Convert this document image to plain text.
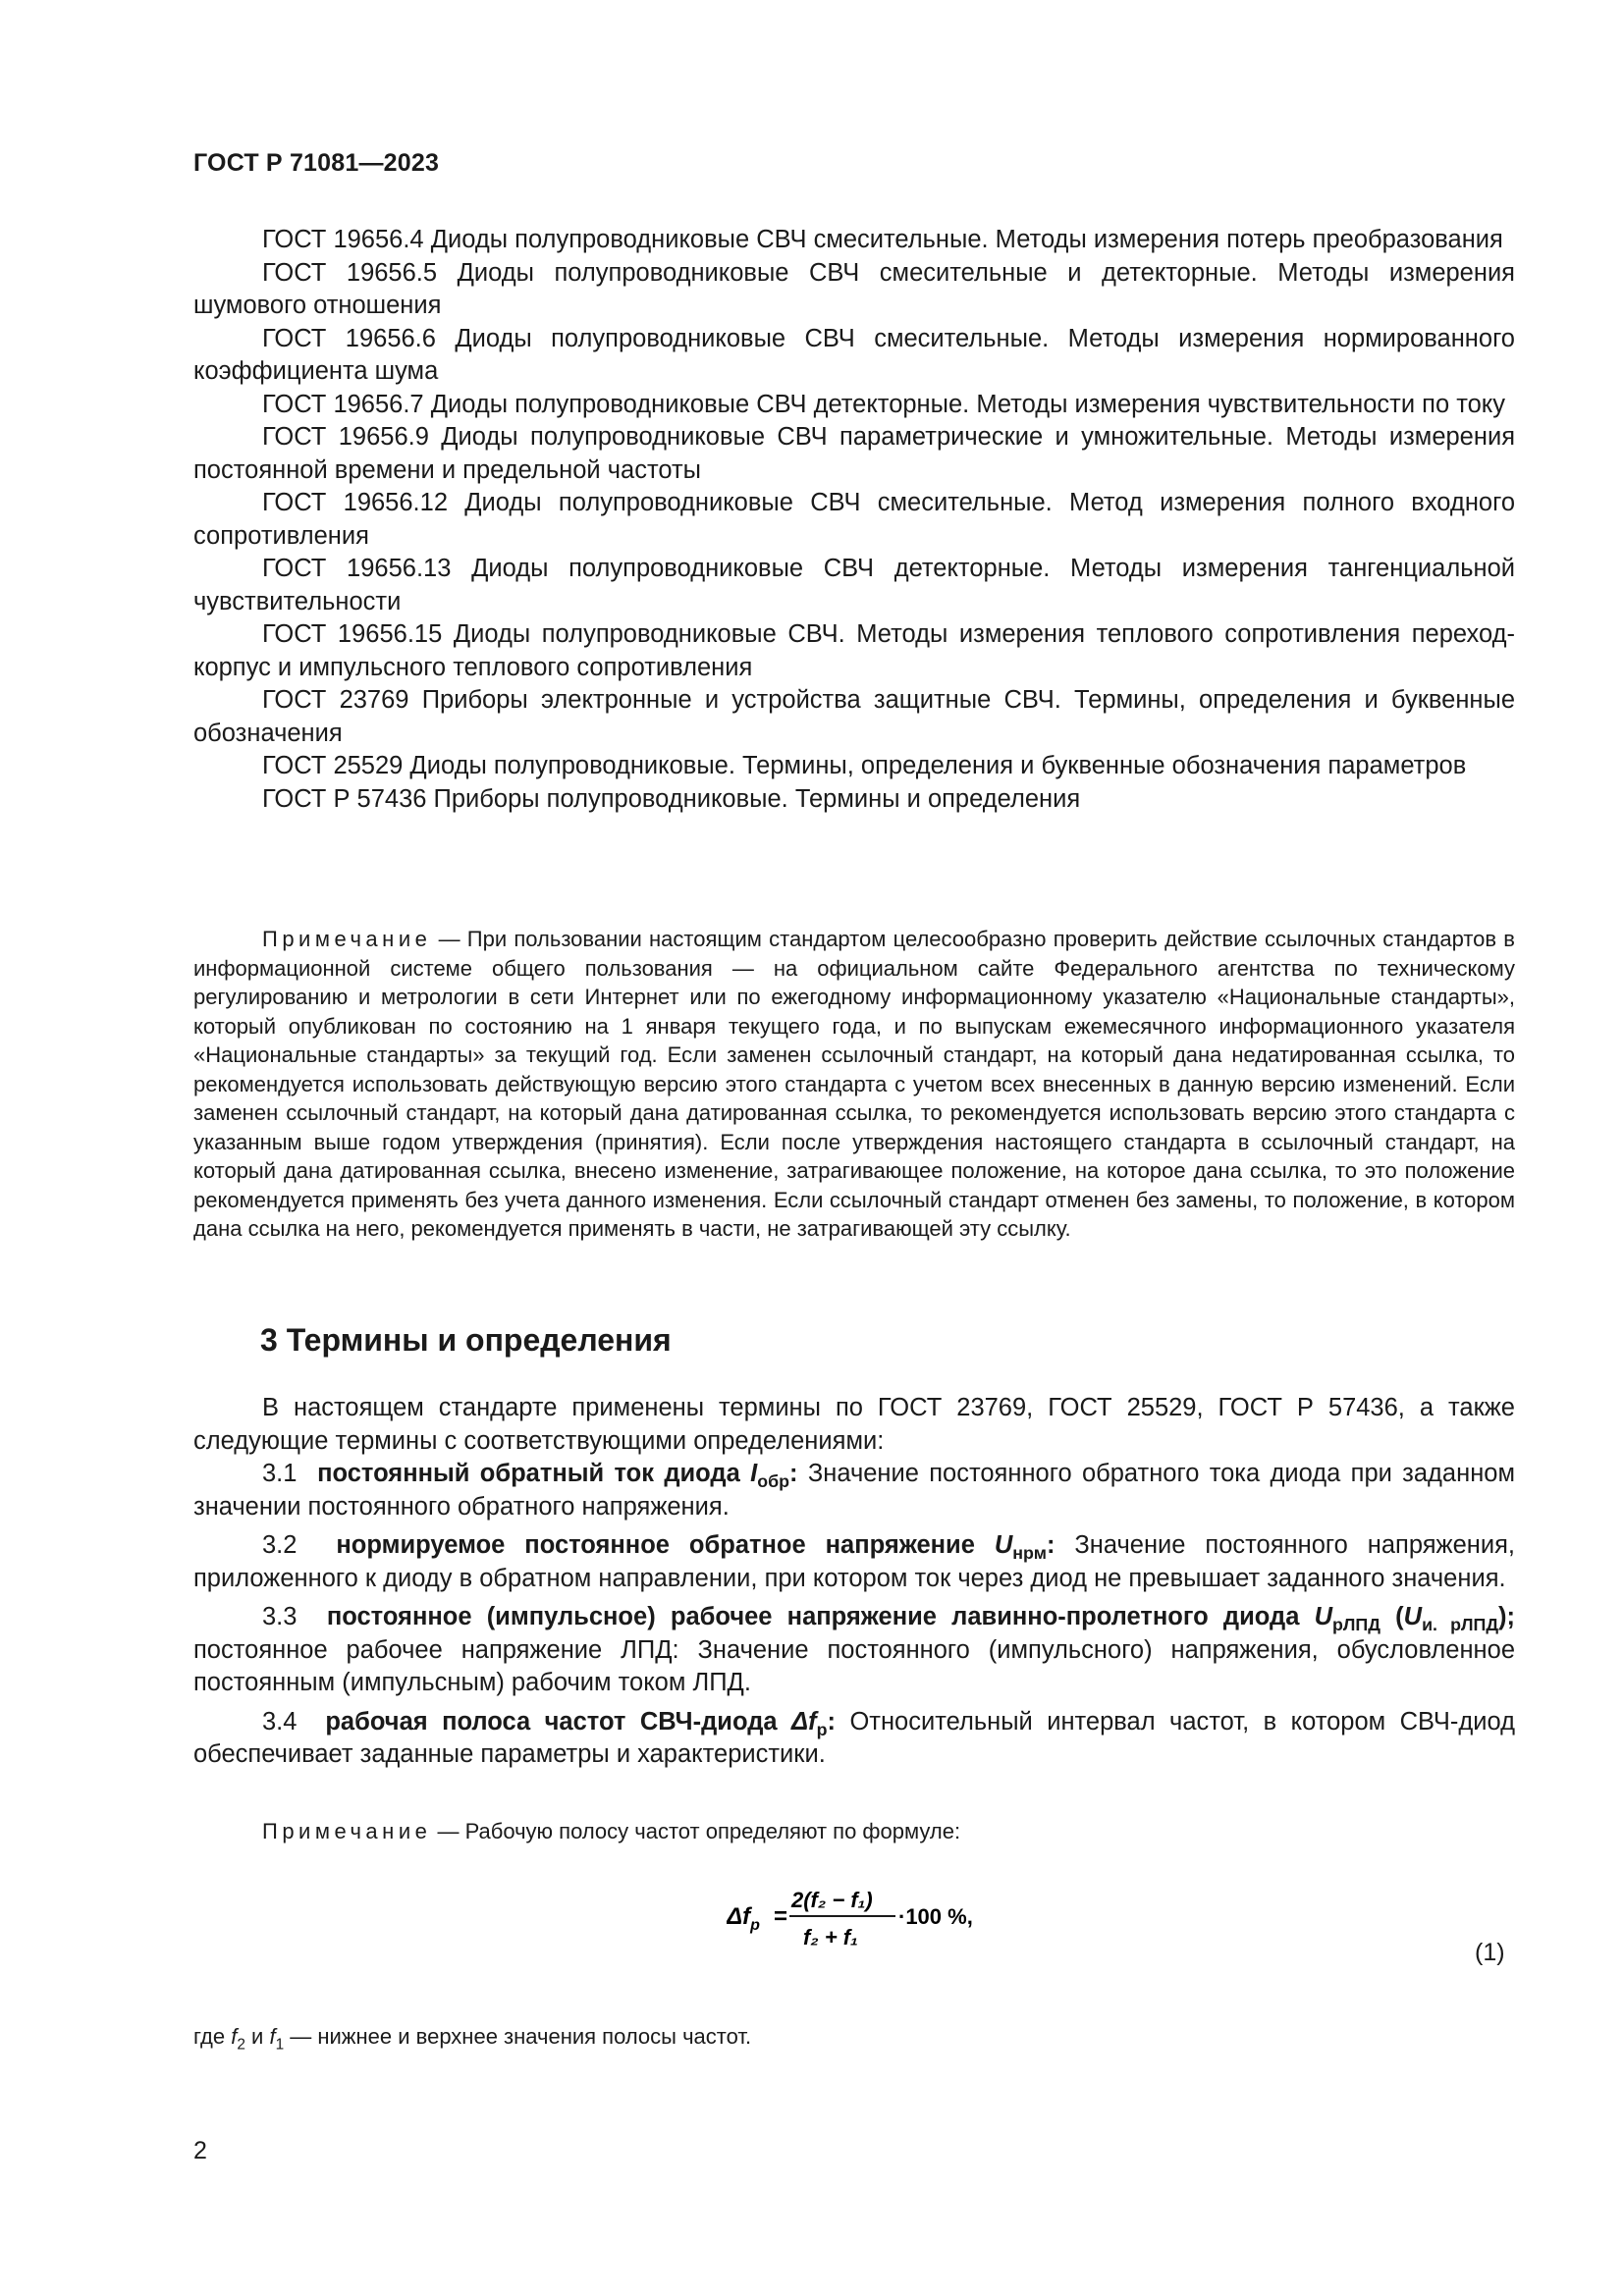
ГОСТ Р 71081—2023

ГОСТ 19656.4 Диоды полупроводниковые СВЧ смесительные. Методы измерения потерь преобразования

ГОСТ 19656.5 Диоды полупроводниковые СВЧ смесительные и детекторные. Методы измерения шумового отношения

ГОСТ 19656.6 Диоды полупроводниковые СВЧ смесительные. Методы измерения нормированного коэффициента шума

ГОСТ 19656.7 Диоды полупроводниковые СВЧ детекторные. Методы измерения чувствительности по току

ГОСТ 19656.9 Диоды полупроводниковые СВЧ параметрические и умножительные. Методы измерения постоянной времени и предельной частоты

ГОСТ 19656.12 Диоды полупроводниковые СВЧ смесительные. Метод измерения полного входного сопротивления

ГОСТ 19656.13 Диоды полупроводниковые СВЧ детекторные. Методы измерения тангенциальной чувствительности

ГОСТ 19656.15 Диоды полупроводниковые СВЧ. Методы измерения теплового сопротивления переход-корпус и импульсного теплового сопротивления

ГОСТ 23769 Приборы электронные и устройства защитные СВЧ. Термины, определения и буквенные обозначения

ГОСТ 25529 Диоды полупроводниковые. Термины, определения и буквенные обозначения параметров

ГОСТ Р 57436 Приборы полупроводниковые. Термины и определения

Примечание — При пользовании настоящим стандартом целесообразно проверить действие ссылочных стандартов в информационной системе общего пользования — на официальном сайте Федерального агентства по техническому регулированию и метрологии в сети Интернет или по ежегодному информационному указателю «Национальные стандарты», который опубликован по состоянию на 1 января текущего года, и по выпускам ежемесячного информационного указателя «Национальные стандарты» за текущий год. Если заменен ссылочный стандарт, на который дана недатированная ссылка, то рекомендуется использовать действующую версию этого стандарта с учетом всех внесенных в данную версию изменений. Если заменен ссылочный стандарт, на который дана датированная ссылка, то рекомендуется использовать версию этого стандарта с указанным выше годом утверждения (принятия). Если после утверждения настоящего стандарта в ссылочный стандарт, на который дана датированная ссылка, внесено изменение, затрагивающее положение, на которое дана ссылка, то это положение рекомендуется применять без учета данного изменения. Если ссылочный стандарт отменен без замены, то положение, в котором дана ссылка на него, рекомендуется применять в части, не затрагивающей эту ссылку.

3 Термины и определения

В настоящем стандарте применены термины по ГОСТ 23769, ГОСТ 25529, ГОСТ Р 57436, а также следующие термины с соответствующими определениями:

3.1 постоянный обратный ток диода $I_{обр}$: Значение постоянного обратного тока диода при заданном значении постоянного обратного напряжения.

3.2 нормируемое постоянное обратное напряжение $U_{нрм}$: Значение постоянного напряжения, приложенного к диоду в обратном направлении, при котором ток через диод не превышает заданного значения.

3.3 постоянное (импульсное) рабочее напряжение лавинно-пролетного диода $U_{рЛПД}$ $(U_{и. рЛПД})$; постоянное рабочее напряжение ЛПД: Значение постоянного (импульсного) напряжения, обусловленное постоянным (импульсным) рабочим током ЛПД.

3.4 рабочая полоса частот СВЧ-диода $\Delta f_р$: Относительный интервал частот, в котором СВЧ-диод обеспечивает заданные параметры и характеристики.

Примечание — Рабочую полосу частот определяют по формуле:
$\Delta f_p$ =
2(f₂ − f₁)
f₂ + f₁
·100 %,
(1)
где $f_2$ и $f_1$ — нижнее и верхнее значения полосы частот.
2
